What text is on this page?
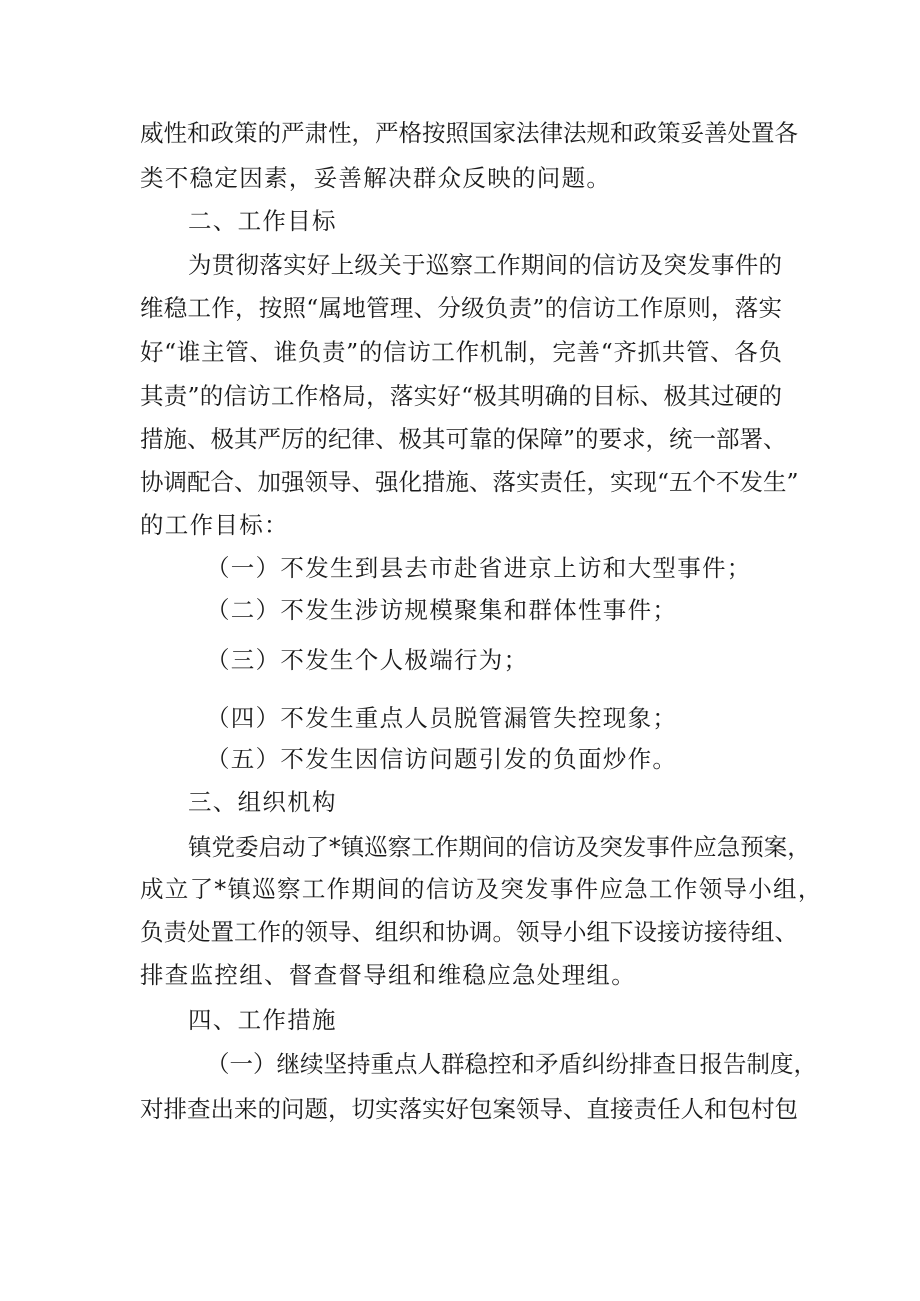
威性和政策的严肃性，严格按照国家法律法规和政策妥善处置各
类不稳定因素，妥善解决群众反映的问题。
二、工作目标
为贯彻落实好上级关于巡察工作期间的信访及突发事件的
维稳工作，按照“属地管理、分级负责”的信访工作原则，落实
好“谁主管、谁负责”的信访工作机制，完善“齐抓共管、各负
其责”的信访工作格局，落实好“极其明确的目标、极其过硬的
措施、极其严厉的纪律、极其可靠的保障”的要求，统一部署、
协调配合、加强领导、强化措施、落实责任，实现“五个不发生”
的工作目标：
（一）不发生到县去市赴省进京上访和大型事件；
（二）不发生涉访规模聚集和群体性事件；
（三）不发生个人极端行为；
（四）不发生重点人员脱管漏管失控现象；
（五）不发生因信访问题引发的负面炒作。
三、组织机构
镇党委启动了*镇巡察工作期间的信访及突发事件应急预案，
成立了*镇巡察工作期间的信访及突发事件应急工作领导小组，
负责处置工作的领导、组织和协调。领导小组下设接访接待组、
排查监控组、督查督导组和维稳应急处理组。
四、工作措施
（一）继续坚持重点人群稳控和矛盾纠纷排查日报告制度，
对排查出来的问题，切实落实好包案领导、直接责任人和包村包
